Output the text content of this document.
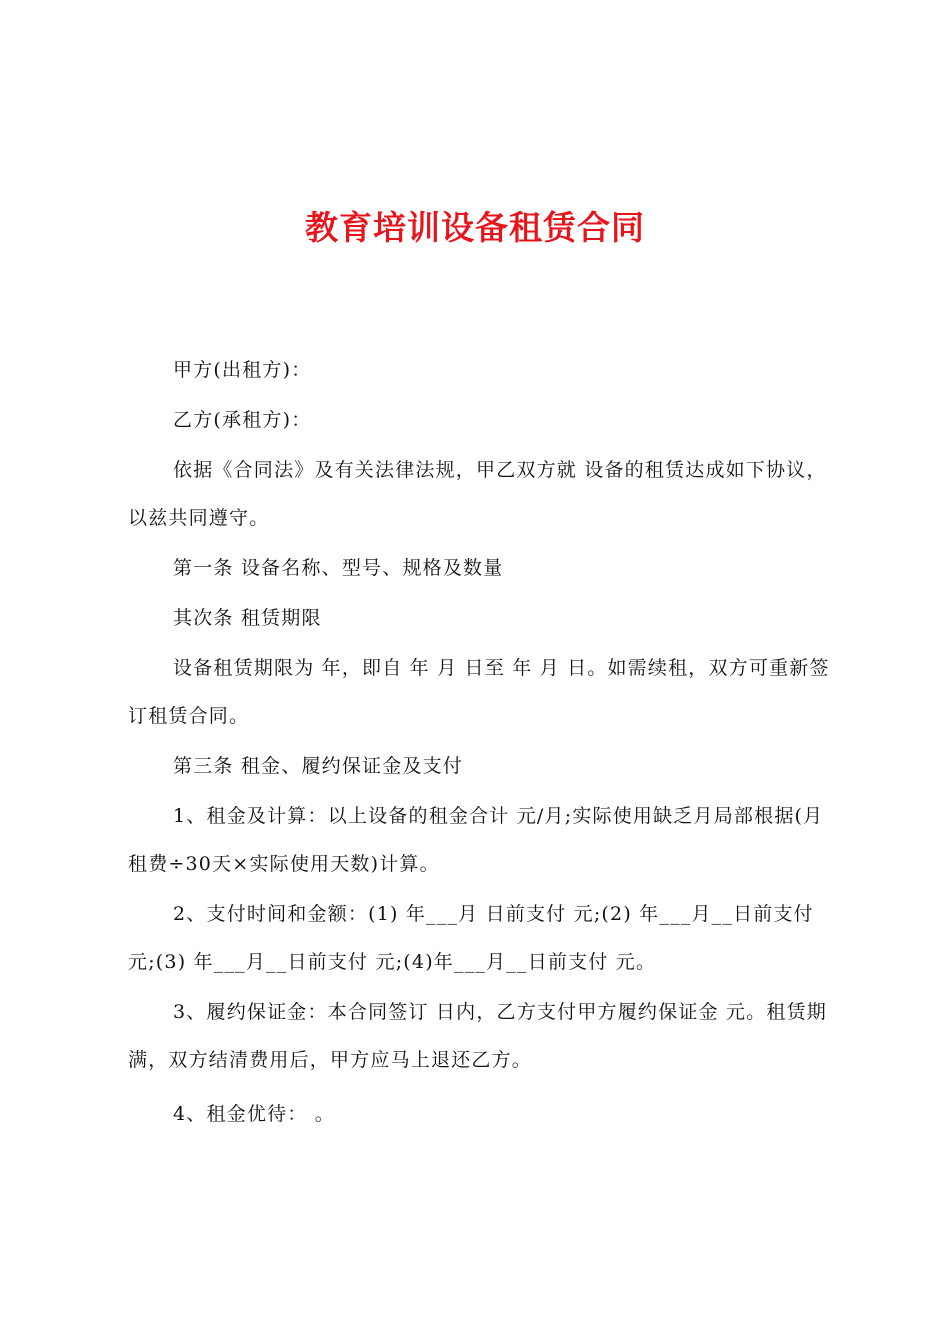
教育培训设备租赁合同

甲方(出租方)：

乙方(承租方)：

依据《合同法》及有关法律法规，甲乙双方就 设备的租赁达成如下协议，以兹共同遵守。

第一条 设备名称、型号、规格及数量

其次条 租赁期限

设备租赁期限为 年，即自 年 月 日至 年 月 日。如需续租，双方可重新签订租赁合同。

第三条 租金、履约保证金及支付

1、租金及计算：以上设备的租金合计 元/月;实际使用缺乏月局部根据(月租费÷30天×实际使用天数)计算。

2、支付时间和金额：(1) 年___月 日前支付 元;(2) 年___月__日前支付 元;(3) 年___月__日前支付 元;(4)年___月__日前支付 元。

3、履约保证金：本合同签订 日内，乙方支付甲方履约保证金 元。租赁期满，双方结清费用后，甲方应马上退还乙方。

4、租金优待： 。
